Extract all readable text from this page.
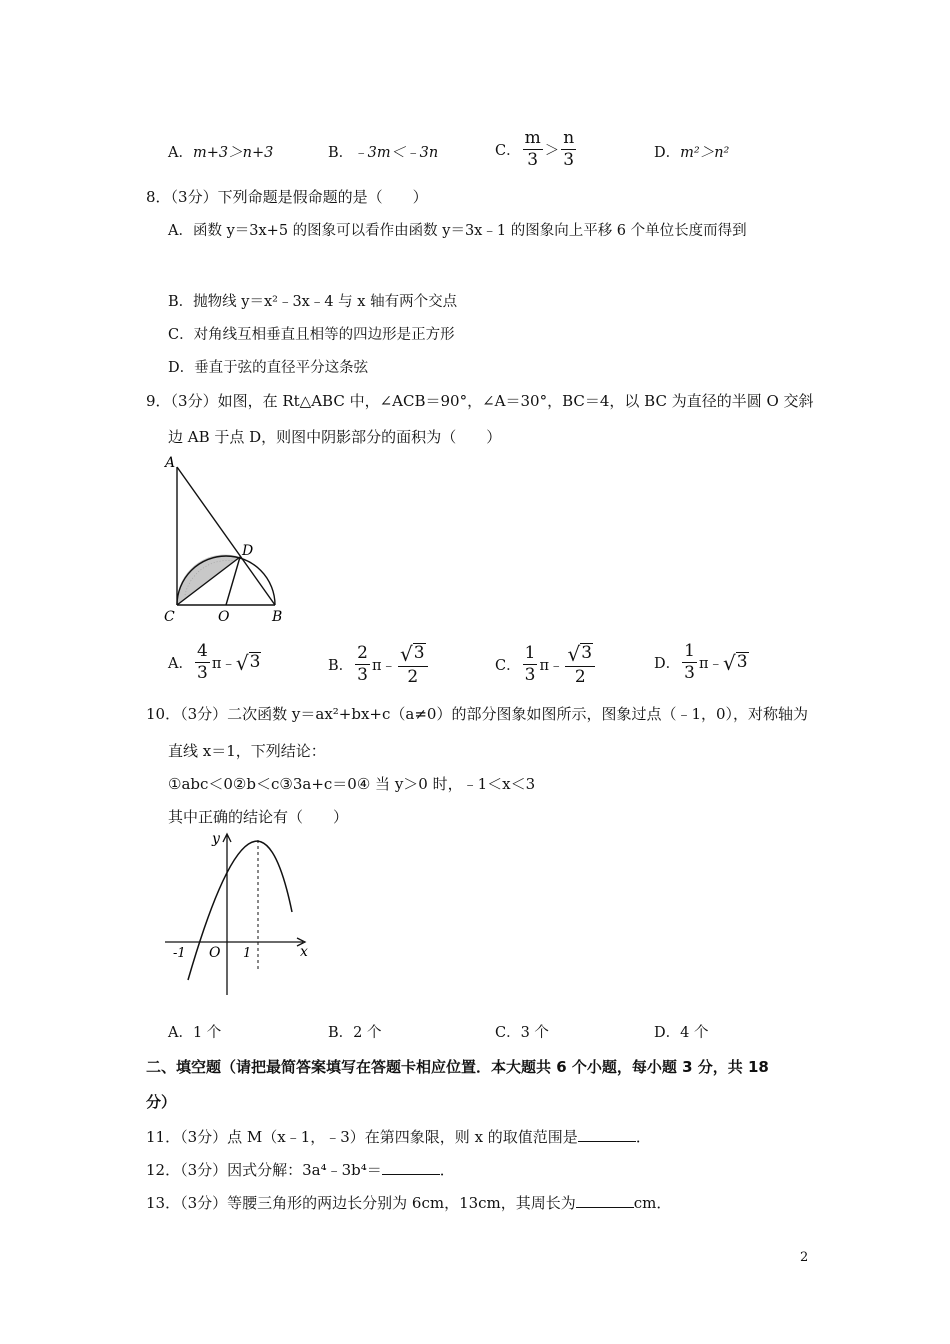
A．m+3＞n+3	B．﹣3m＜﹣3n	C． $\frac{m}{3} > \frac{n}{3}$	D．m²＞n²
8．（3分）下列命题是假命题的是（　　）
A．函数 y＝3x+5 的图象可以看作由函数 y＝3x﹣1 的图象向上平移 6 个单位长度而得到
B．抛物线 y＝x²﹣3x﹣4 与 x 轴有两个交点
C．对角线互相垂直且相等的四边形是正方形
D．垂直于弦的直径平分这条弦
9．（3分）如图，在 Rt△ABC 中，∠ACB＝90°，∠A＝30°，BC＝4，以 BC 为直径的半圆 O 交斜
边 AB 于点 D，则图中阴影部分的面积为（　　）
A
D
C	O	B
A． $\frac{4}{3}$ π﹣ √ 3	B． $\frac{2}{3}$ π﹣ $\frac{√ 3}{2}$	C． $\frac{1}{3}$ π﹣ $\frac{√ 3}{2}$	D． $\frac{1}{3}$ π﹣ √ 3
10．（3分）二次函数 y＝ax²+bx+c（a≠0）的部分图象如图所示，图象过点（﹣1，0），对称轴为
直线 x＝1，下列结论：
①abc＜0②b＜c③3a+c＝0④ 当 y＞0 时，﹣1＜x＜3
其中正确的结论有（　　）
y
x
-1 O 1
A．1 个	B．2 个	C．3 个	D．4 个
二、填空题（请把最简答案填写在答题卡相应位置．本大题共 6 个小题，每小题 3 分，共 18
分）
11．（3分）点 M（x﹣1，﹣3）在第四象限，则 x 的取值范围是	．
12．（3分）因式分解：3a⁴﹣3b⁴＝	．
13．（3分）等腰三角形的两边长分别为 6cm，13cm，其周长为	cm．
2
